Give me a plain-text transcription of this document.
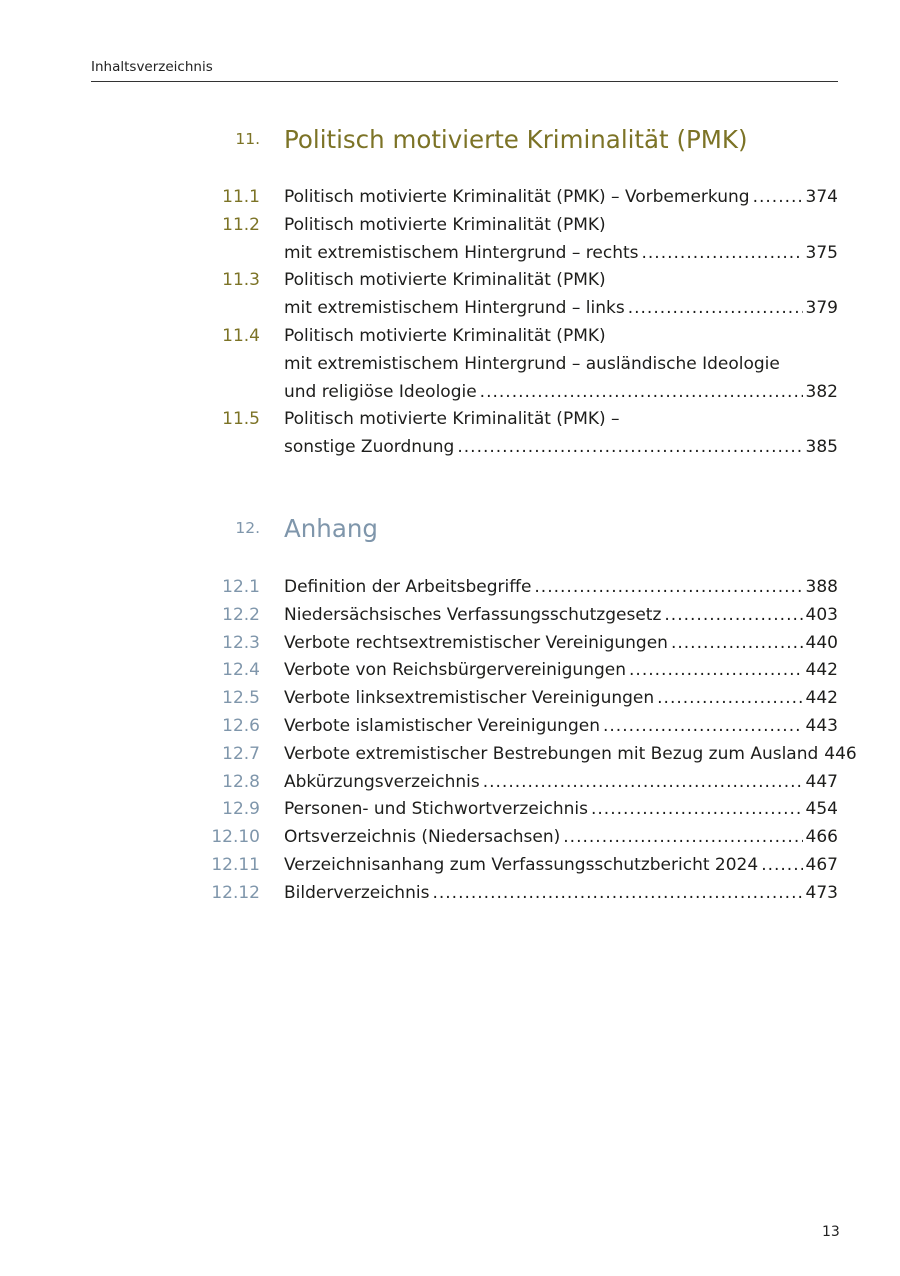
Inhaltsverzeichnis
11. Politisch motivierte Kriminalität (PMK)
11.1 Politisch motivierte Kriminalität (PMK) – Vorbemerkung .....	374
11.2 Politisch motivierte Kriminalität (PMK)
mit extremistischem Hintergrund – rechts .....	375
11.3 Politisch motivierte Kriminalität (PMK)
mit extremistischem Hintergrund – links .....	379
11.4 Politisch motivierte Kriminalität (PMK)
mit extremistischem Hintergrund – ausländische Ideologie
und religiöse Ideologie .....	382
11.5 Politisch motivierte Kriminalität (PMK) –
sonstige Zuordnung .....	385
12. Anhang
12.1 Definition der Arbeitsbegriffe .....	388
12.2 Niedersächsisches Verfassungsschutzgesetz .....	403
12.3 Verbote rechtsextremistischer Vereinigungen .....	440
12.4 Verbote von Reichsbürgervereinigungen .....	442
12.5 Verbote linksextremistischer Vereinigungen .....	442
12.6 Verbote islamistischer Vereinigungen .....	443
12.7 Verbote extremistischer Bestrebungen mit Bezug zum Ausland 446
12.8 Abkürzungsverzeichnis .....	447
12.9 Personen- und Stichwortverzeichnis .....	454
12.10 Ortsverzeichnis (Niedersachsen) .....	466
12.11 Verzeichnisanhang zum Verfassungsschutzbericht 2024 .....	467
12.12 Bilderverzeichnis .....	473
13
